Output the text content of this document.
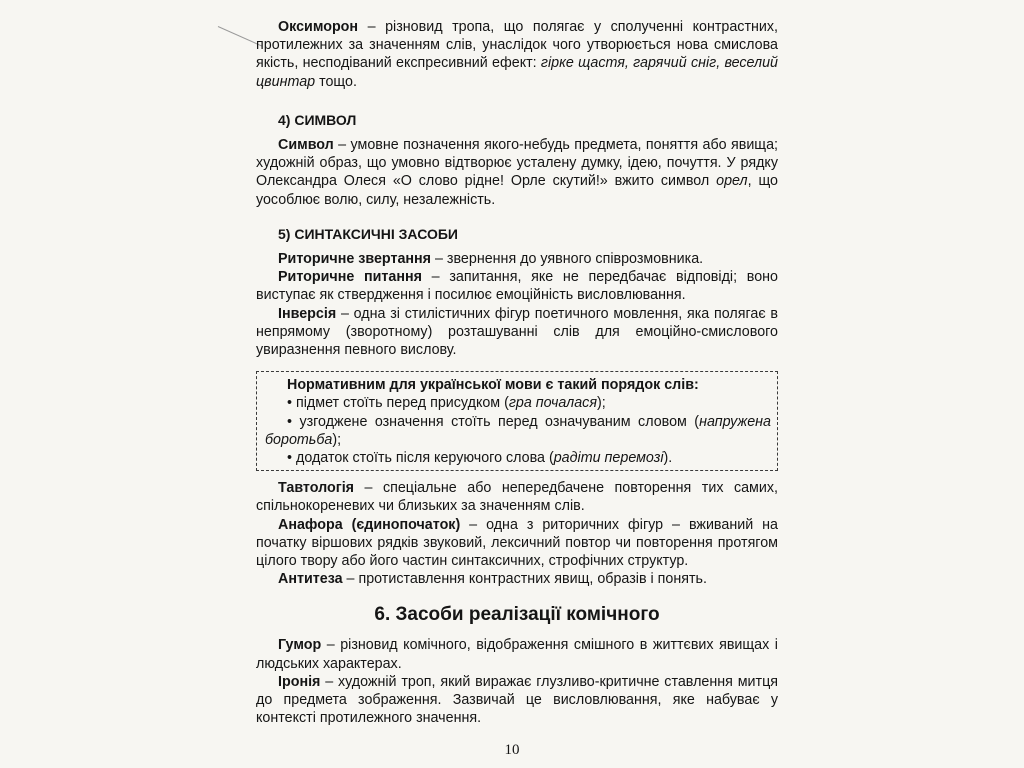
Оксиморон – різновид тропа, що полягає у сполученні контрастних, протилежних за значенням слів, унаслідок чого утворюється нова смислова якість, несподіваний експресивний ефект: гірке щастя, гарячий сніг, веселий цвинтар тощо.

4) СИМВОЛ

Символ – умовне позначення якого-небудь предмета, поняття або явища; художній образ, що умовно відтворює усталену думку, ідею, почуття. У рядку Олександра Олеся «О слово рідне! Орле скутий!» вжито символ орел, що уособлює волю, силу, незалежність.

5) СИНТАКСИЧНІ ЗАСОБИ

Риторичне звертання – звернення до уявного співрозмовника.

Риторичне питання – запитання, яке не передбачає відповіді; воно виступає як ствердження і посилює емоційність висловлювання.

Інверсія – одна зі стилістичних фігур поетичного мовлення, яка полягає в непрямому (зворотному) розташуванні слів для емоційно-смислового увиразнення певного вислову.

Нормативним для української мови є такий порядок слів:

• підмет стоїть перед присудком (гра почалася);

• узгоджене означення стоїть перед означуваним словом (напружена боротьба);

• додаток стоїть після керуючого слова (радіти перемозі).

Тавтологія – спеціальне або непередбачене повторення тих самих, спільнокореневих чи близьких за значенням слів.

Анафора (єдинопочаток) – одна з риторичних фігур – вживаний на початку віршових рядків звуковий, лексичний повтор чи повторення протягом цілого твору або його частин синтаксичних, строфічних структур.

Антитеза – протиставлення контрастних явищ, образів і понять.

6. Засоби реалізації комічного

Гумор – різновид комічного, відображення смішного в життєвих явищах і людських характерах.

Іронія – художній троп, який виражає глузливо-критичне ставлення митця до предмета зображення. Зазвичай це висловлювання, яке набуває у контексті протилежного значення.

10
